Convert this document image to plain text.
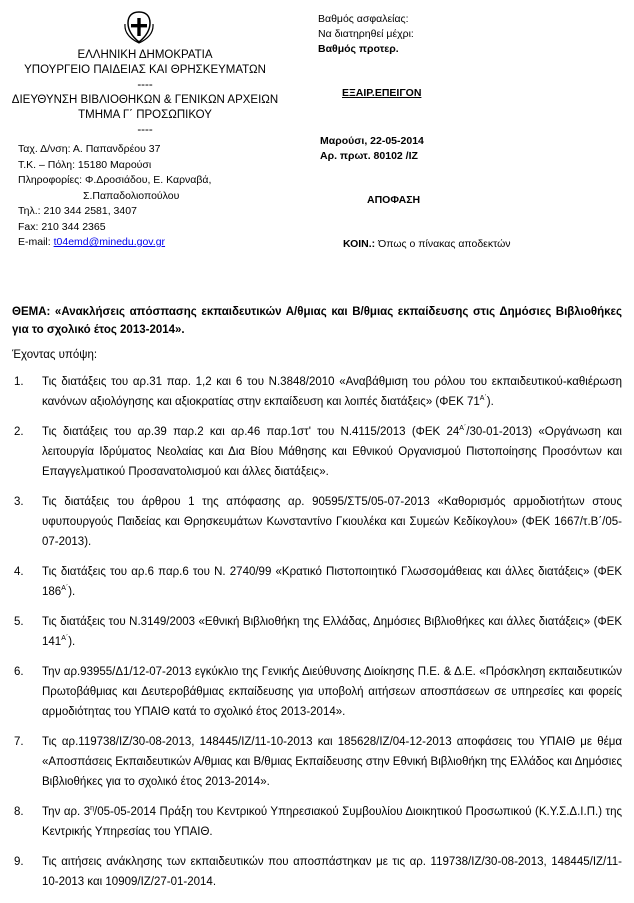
ΕΛΛΗΝΙΚΗ ΔΗΜΟΚΡΑΤΙΑ
ΥΠΟΥΡΓΕΙΟ ΠΑΙΔΕΙΑΣ ΚΑΙ ΘΡΗΣΚΕΥΜΑΤΩΝ
----
ΔΙΕΥΘΥΝΣΗ ΒΙΒΛΙΟΘΗΚΩΝ & ΓΕΝΙΚΩΝ ΑΡΧΕΙΩΝ
ΤΜΗΜΑ Γ΄ ΠΡΟΣΩΠΙΚΟΥ
----
Ταχ. Δ/νση: Α. Παπανδρέου 37
Τ.Κ. – Πόλη: 15180 Μαρούσι
Πληροφορίες: Φ.Δροσιάδου, Ε. Καρναβά,
Σ.Παπαδολιοπούλου
Τηλ.: 210 344 2581, 3407
Fax: 210 344 2365
E-mail: t04emd@minedu.gov.gr
Βαθμός ασφαλείας:
Να διατηρηθεί μέχρι:
Βαθμός προτερ.
ΕΞΑΙΡ.ΕΠΕΙΓΟΝ
Μαρούσι, 22-05-2014
Αρ. πρωτ. 80102 /ΙΖ
ΑΠΟΦΑΣΗ
ΚΟΙΝ.: Όπως ο πίνακας αποδεκτών
ΘΕΜΑ: «Ανακλήσεις απόσπασης εκπαιδευτικών Α/θμιας και Β/θμιας εκπαίδευσης στις Δημόσιες Βιβλιοθήκες για το σχολικό έτος 2013-2014».
Έχοντας υπόψη:
1. Τις διατάξεις του αρ.31 παρ. 1,2 και 6 του Ν.3848/2010 «Αναβάθμιση του ρόλου του εκπαιδευτικού-καθιέρωση κανόνων αξιολόγησης και αξιοκρατίας στην εκπαίδευση και λοιπές διατάξεις» (ΦΕΚ $71^{A΄}$).
2. Τις διατάξεις του αρ.39 παρ.2 και αρ.46 παρ.1στ' του Ν.4115/2013 (ΦΕΚ $24^{A΄}/30-01-2013$) «Οργάνωση και λειτουργία Ιδρύματος Νεολαίας και Δια Βίου Μάθησης και Εθνικού Οργανισμού Πιστοποίησης Προσόντων και Επαγγελματικού Προσανατολισμού και άλλες διατάξεις».
3. Τις διατάξεις του άρθρου 1 της απόφασης αρ. 90595/ΣΤ5/05-07-2013 «Καθορισμός αρμοδιοτήτων στους υφυπουργούς Παιδείας και Θρησκευμάτων Κωνσταντίνο Γκιουλέκα και Συμεών Κεδίκογλου» (ΦΕΚ 1667/τ.Β΄/05-07-2013).
4. Τις διατάξεις του αρ.6 παρ.6 του Ν. 2740/99 «Κρατικό Πιστοποιητικό Γλωσσομάθειας και άλλες διατάξεις» (ΦΕΚ $186^{A΄}$).
5. Τις διατάξεις του Ν.3149/2003 «Εθνική Βιβλιοθήκη της Ελλάδας, Δημόσιες Βιβλιοθήκες και άλλες διατάξεις» (ΦΕΚ $141^{A΄}$).
6. Την αρ.93955/Δ1/12-07-2013 εγκύκλιο της Γενικής Διεύθυνσης Διοίκησης Π.Ε. & Δ.Ε. «Πρόσκληση εκπαιδευτικών Πρωτοβάθμιας και Δευτεροβάθμιας εκπαίδευσης για υποβολή αιτήσεων αποσπάσεων σε υπηρεσίες και φορείς αρμοδιότητας του ΥΠΑΙΘ κατά το σχολικό έτος 2013-2014».
7. Τις αρ.119738/ΙΖ/30-08-2013, 148445/ΙΖ/11-10-2013 και 185628/ΙΖ/04-12-2013 αποφάσεις του ΥΠΑΙΘ με θέμα «Αποσπάσεις Εκπαιδευτικών Α/θμιας και Β/θμιας Εκπαίδευσης στην Εθνική Βιβλιοθήκη της Ελλάδος και Δημόσιες Βιβλιοθήκες για το σχολικό έτος 2013-2014».
8. Την αρ. $3^\eta/05-05-2014$ Πράξη του Κεντρικού Υπηρεσιακού Συμβουλίου Διοικητικού Προσωπικού (Κ.Υ.Σ.Δ.Ι.Π.) της Κεντρικής Υπηρεσίας του ΥΠΑΙΘ.
9. Τις αιτήσεις ανάκλησης των εκπαιδευτικών που αποσπάστηκαν με τις αρ. 119738/ΙΖ/30-08-2013, 148445/ΙΖ/11-10-2013 και 10909/ΙΖ/27-01-2014.
